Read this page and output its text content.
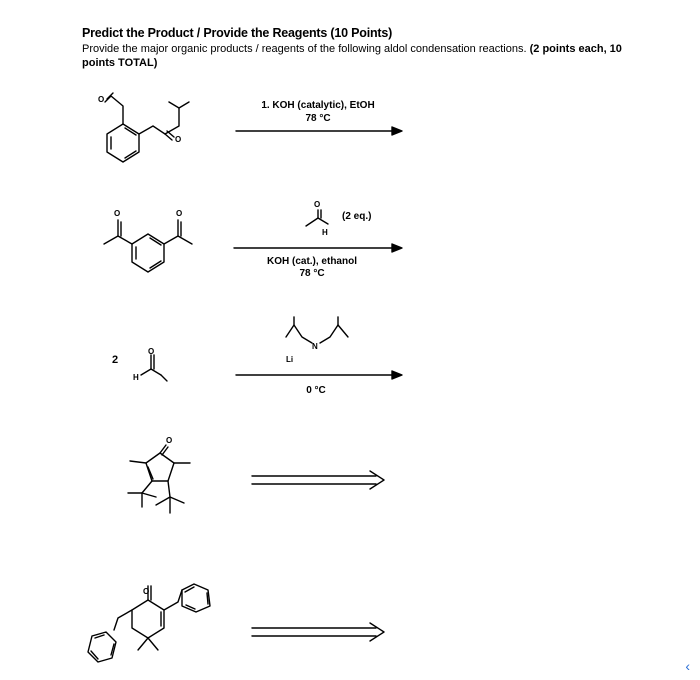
Predict the Product / Provide the Reagents (10 Points)
Provide the major organic products / reagents of the following aldol condensation reactions. (2 points each, 10 points TOTAL)
O
O
1. KOH (catalytic), EtOH
78 °C
O	O
O
H
(2 eq.)
KOH (cat.), ethanol
78 °C
2
O
H
N
Li
0 °C
O
O
‹
